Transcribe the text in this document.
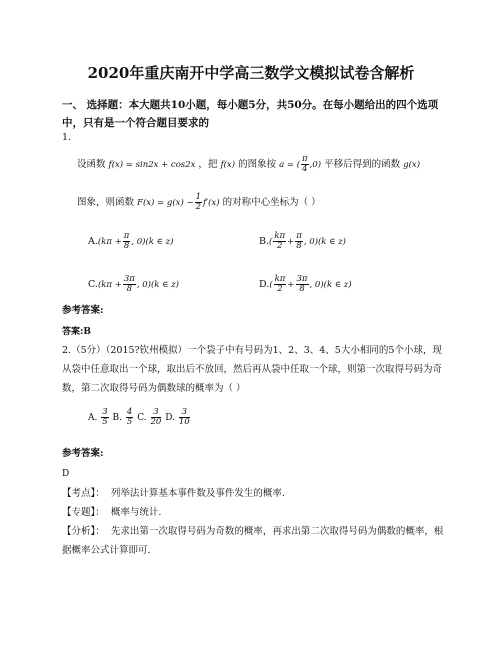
2020年重庆南开中学高三数学文模拟试卷含解析
一、 选择题：本大题共10小题，每小题5分，共50分。在每小题给出的四个选项中，只有是一个符合题目要求的
1.
设函数 f(x) = sin2x + cos2x ，把 f(x) 的图象按 a = ( $\frac{\pi}{4} ,0$) 平移后得到的函数 g(x)
图象，则函数 $F(x) = g(x) - \frac{1}{2} f'(x)$ 的对称中心坐标为（ ）
$A.(k\pi + \frac{\pi}{8}$ , 0)(k ∈ z)	$B.( \frac{k\pi}{2} + \frac{\pi}{8}$ , 0)(k ∈ z)
$C.(k\pi + \frac{3\pi}{8}$ , 0)(k ∈ z)	$D.( \frac{k\pi}{2} + \frac{3\pi}{8}$ , 0)(k ∈ z)
参考答案:
答案:B
2.（5分）（2015?钦州模拟）一个袋子中有号码为1、2、3、4、5大小相同的5个小球，现从袋中任意取出一个球，取出后不放回，然后再从袋中任取一个球，则第一次取得号码为奇数，第二次取得号码为偶数球的概率为（ ）
A. $\frac{3}{5} B$. $\frac{4}{5} C$. $\frac{3}{20} D$. $\frac{3}{10}$
参考答案:
D
【考点】： 列举法计算基本事件数及事件发生的概率.
【专题】： 概率与统计.
【分析】： 先求出第一次取得号码为奇数的概率，再求出第二次取得号码为偶数的概率，根据概率公式计算即可.
